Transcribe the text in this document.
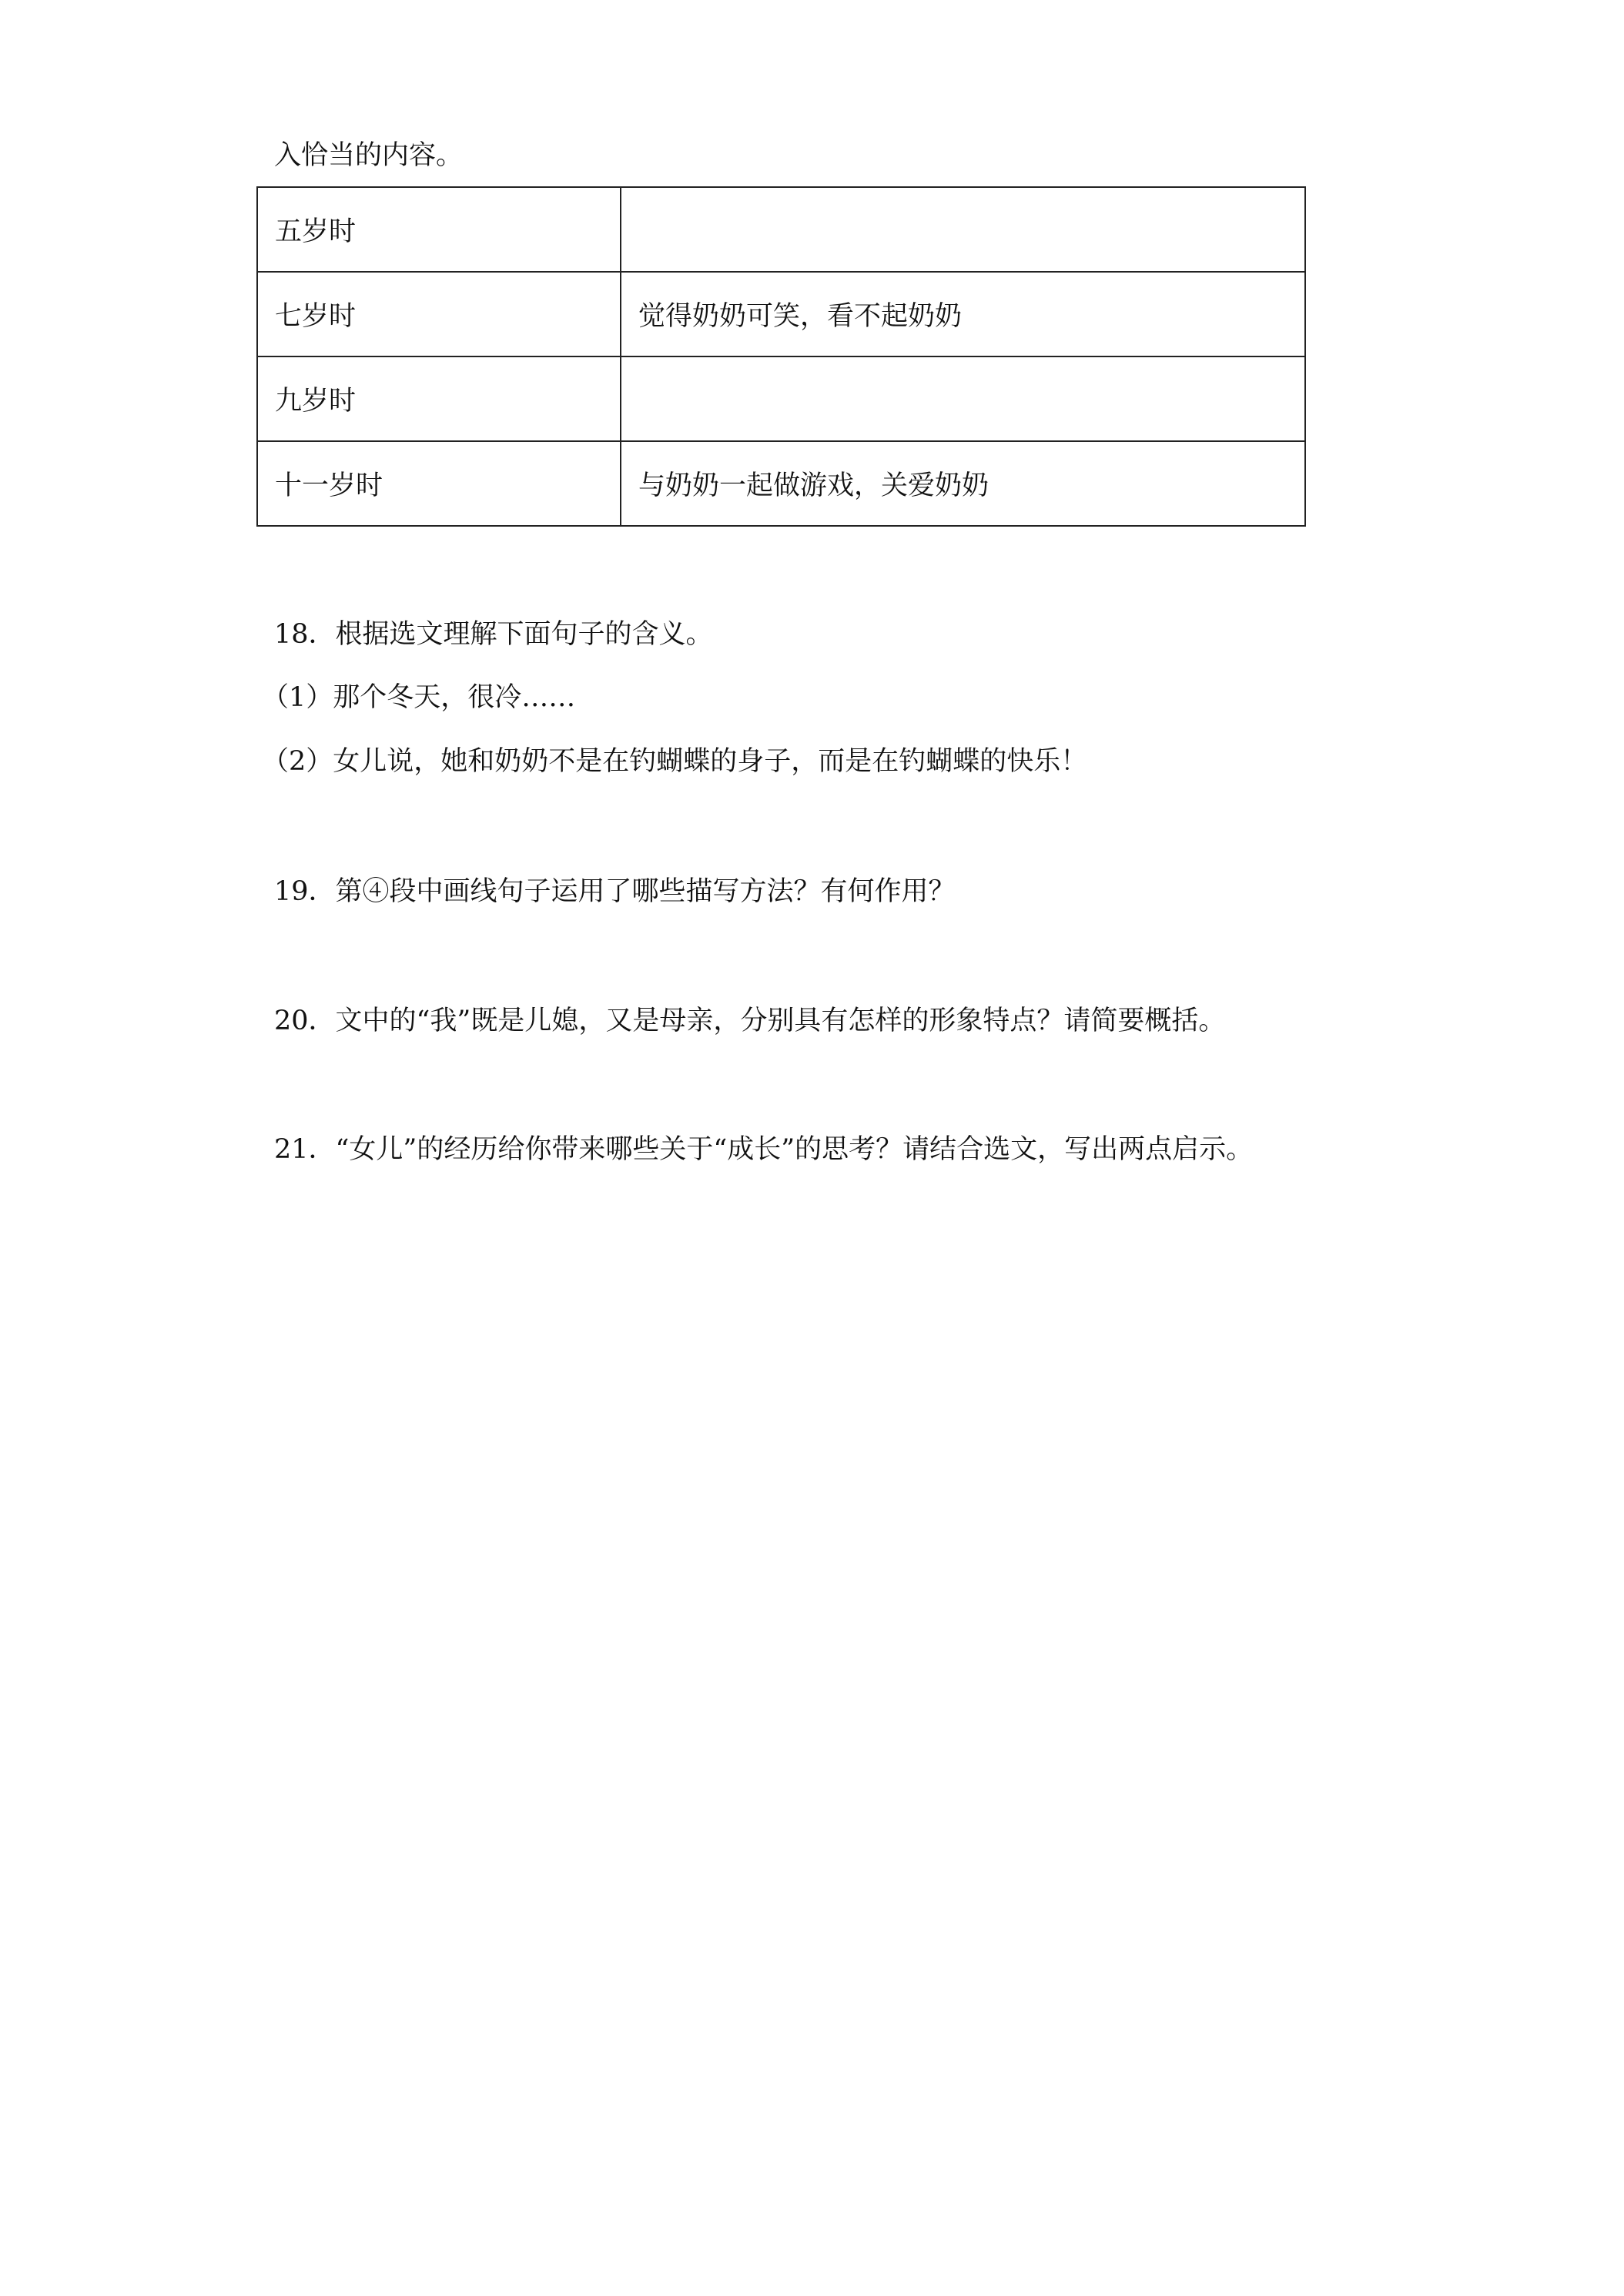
入恰当的内容。
五岁时	
七岁时	觉得奶奶可笑，看不起奶奶
九岁时	
十一岁时	与奶奶一起做游戏，关爱奶奶
18．根据选文理解下面句子的含义。
（1）那个冬天，很冷……
（2）女儿说，她和奶奶不是在钓蝴蝶的身子，而是在钓蝴蝶的快乐！
19．第④段中画线句子运用了哪些描写方法？有何作用？
20．文中的“我”既是儿媳，又是母亲，分别具有怎样的形象特点？请简要概括。
21．“女儿”的经历给你带来哪些关于“成长”的思考？请结合选文，写出两点启示。
